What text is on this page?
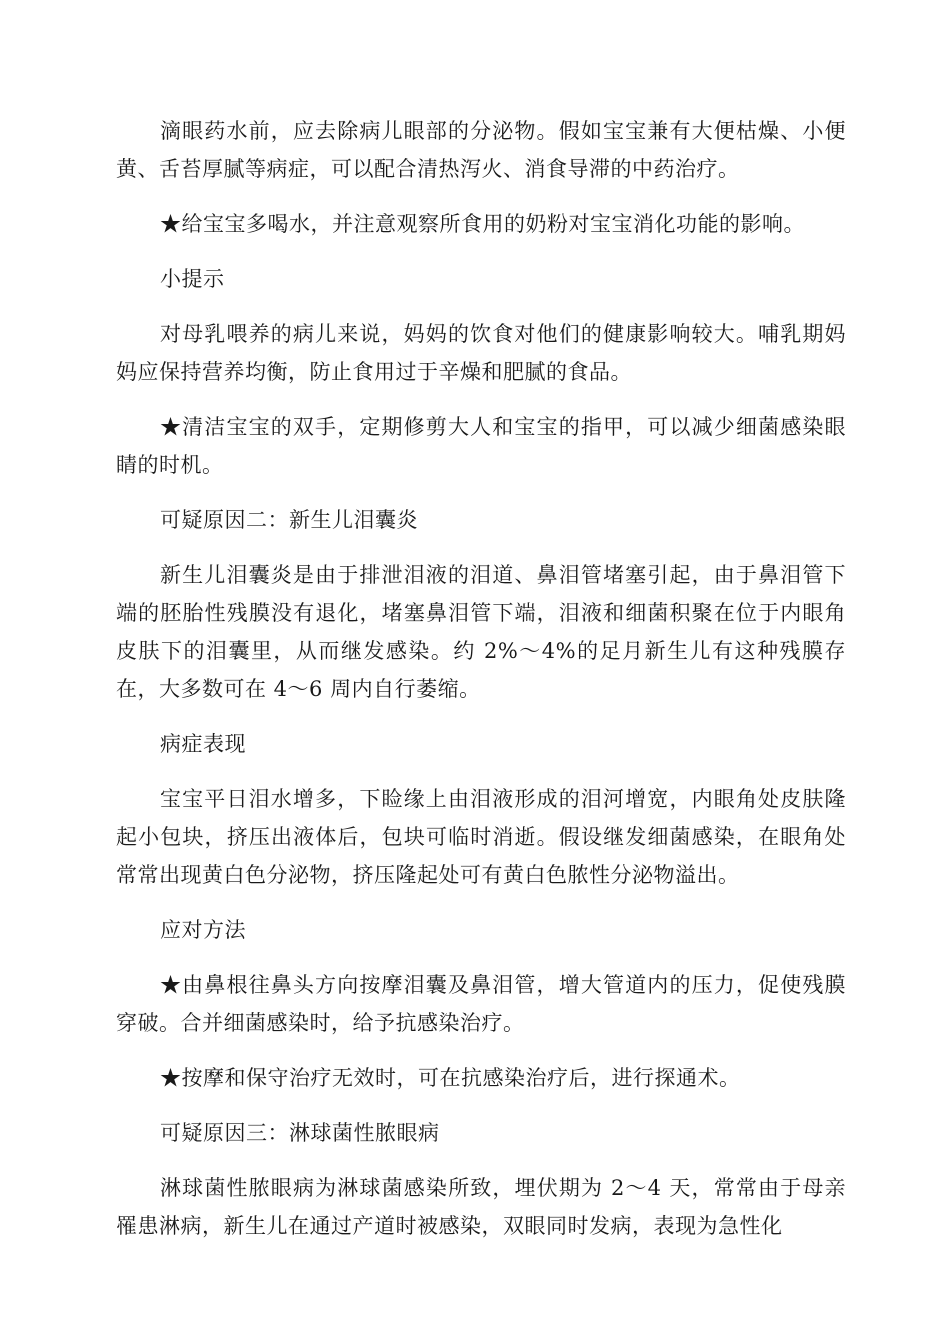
滴眼药水前，应去除病儿眼部的分泌物。假如宝宝兼有大便枯燥、小便黄、舌苔厚腻等病症，可以配合清热泻火、消食导滞的中药治疗。

★给宝宝多喝水，并注意观察所食用的奶粉对宝宝消化功能的影响。

小提示

对母乳喂养的病儿来说，妈妈的饮食对他们的健康影响较大。哺乳期妈妈应保持营养均衡，防止食用过于辛燥和肥腻的食品。

★清洁宝宝的双手，定期修剪大人和宝宝的指甲，可以减少细菌感染眼睛的时机。

可疑原因二：新生儿泪囊炎

新生儿泪囊炎是由于排泄泪液的泪道、鼻泪管堵塞引起，由于鼻泪管下端的胚胎性残膜没有退化，堵塞鼻泪管下端，泪液和细菌积聚在位于内眼角皮肤下的泪囊里，从而继发感染。约 2%～4%的足月新生儿有这种残膜存在，大多数可在 4～6 周内自行萎缩。

病症表现

宝宝平日泪水增多，下睑缘上由泪液形成的泪河增宽，内眼角处皮肤隆起小包块，挤压出液体后，包块可临时消逝。假设继发细菌感染，在眼角处常常出现黄白色分泌物，挤压隆起处可有黄白色脓性分泌物溢出。

应对方法

★由鼻根往鼻头方向按摩泪囊及鼻泪管，增大管道内的压力，促使残膜穿破。合并细菌感染时，给予抗感染治疗。

★按摩和保守治疗无效时，可在抗感染治疗后，进行探通术。

可疑原因三：淋球菌性脓眼病

淋球菌性脓眼病为淋球菌感染所致，埋伏期为 2～4 天，常常由于母亲罹患淋病，新生儿在通过产道时被感染，双眼同时发病，表现为急性化
